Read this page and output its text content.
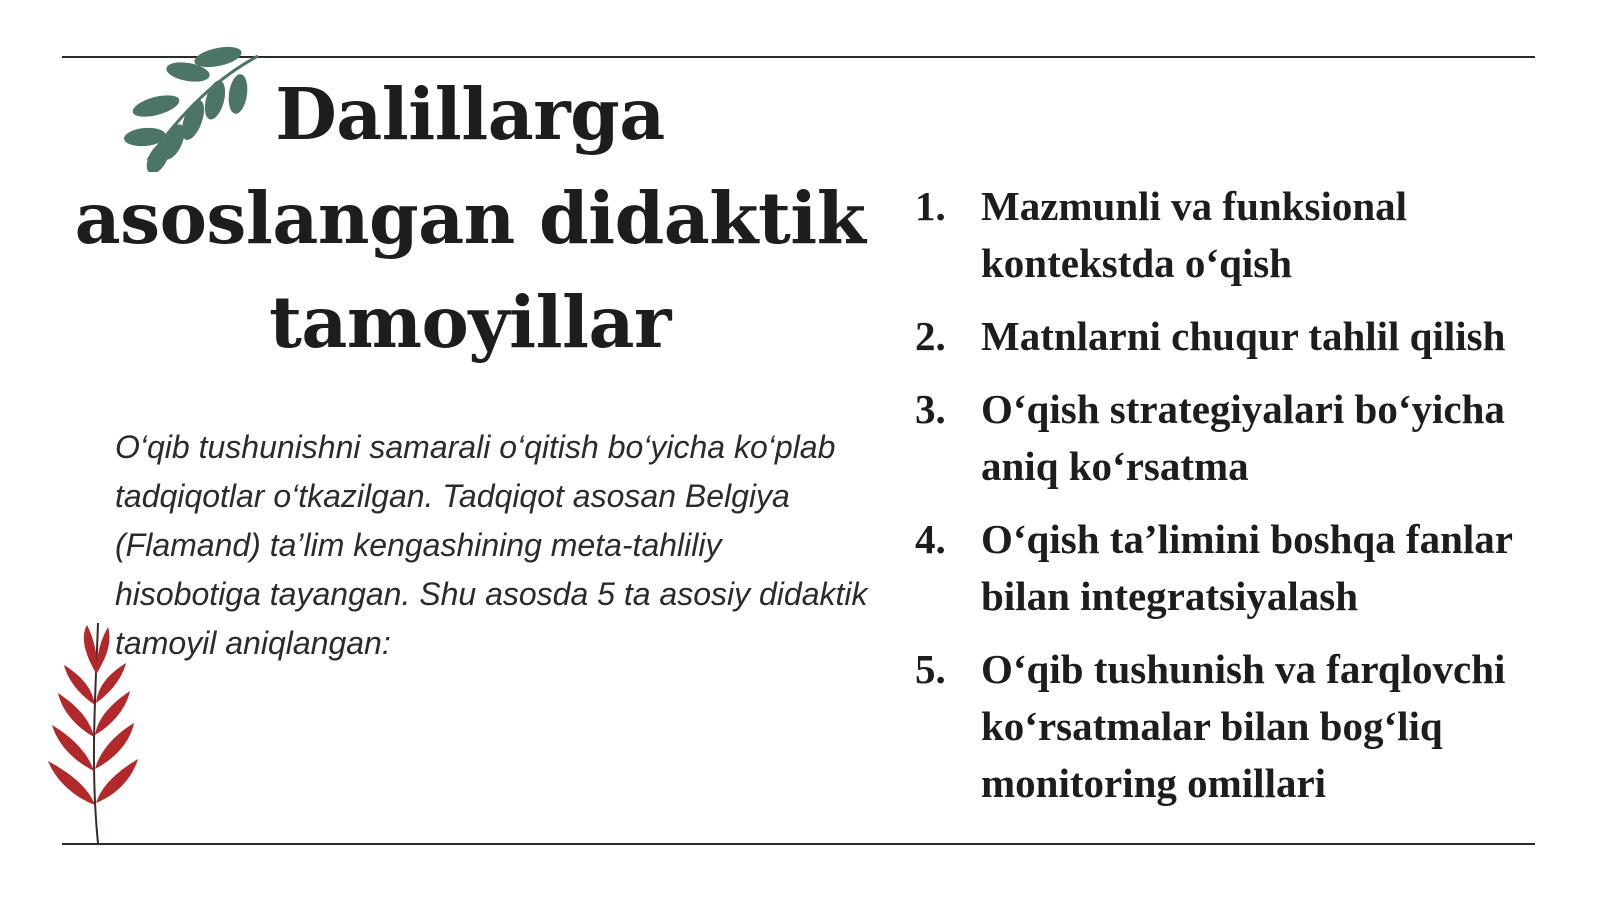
Dalillarga
asoslangan didaktik
tamoyillar

O‘qib tushunishni samarali o‘qitish bo‘yicha ko‘plab tadqiqotlar o‘tkazilgan. Tadqiqot asosan Belgiya (Flamand) ta’lim kengashining meta-tahliliy hisobotiga tayangan. Shu asosda 5 ta asosiy didaktik tamoyil aniqlangan:

1. Mazmunli va funksional kontekstda o‘qish
2. Matnlarni chuqur tahlil qilish
3. O‘qish strategiyalari bo‘yicha aniq ko‘rsatma
4. O‘qish ta’limini boshqa fanlar bilan integratsiyalash
5. O‘qib tushunish va farqlovchi ko‘rsatmalar bilan bog‘liq monitoring omillari
